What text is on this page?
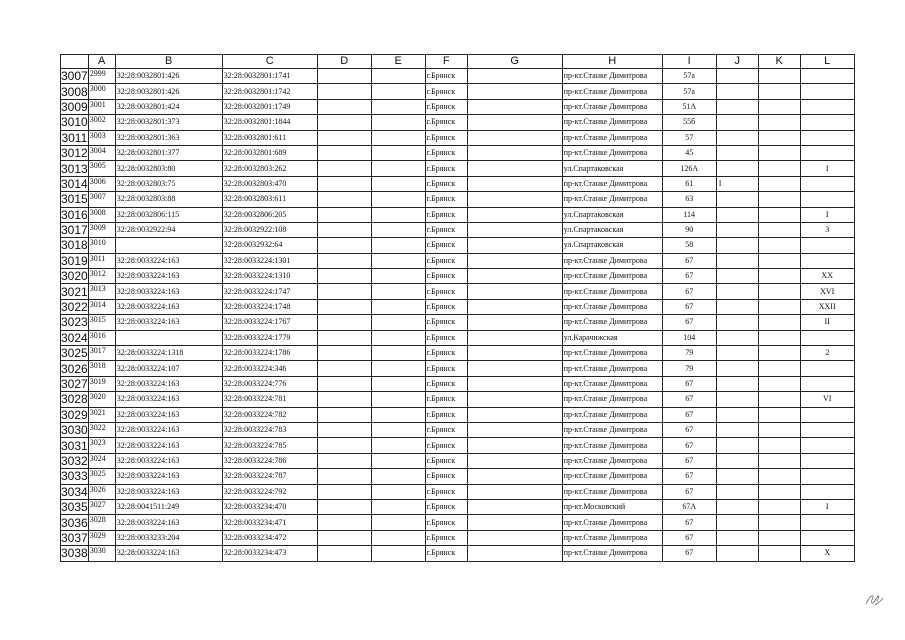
	A	B	C	D	E	F	G	H	I	J	K	L
3007	2999	32:28:0032801:426	32:28:0032801:1741			г.Брянск		пр-кт.Станке Димитрова	57а			
3008	3000	32:28:0032801:426	32:28:0032801:1742			г.Брянск		пр-кт.Станке Димитрова	57а			
3009	3001	32:28:0032801:424	32:28:0032801:1749			г.Брянск		пр-кт.Станке Димитрова	51А			
3010	3002	32:28:0032801:373	32:28:0032801:1844			г.Брянск		пр-кт.Станке Димитрова	55б			
3011	3003	32:28:0032801:363	32:28:0032801:611			г.Брянск		пр-кт.Станке Димитрова	57			
3012	3004	32:28:0032801:377	32:28:0032801:689			г.Брянск		пр-кт.Станке Димитрова	45			
3013	3005	32:28:0032803:80	32:28:0032803:262			г.Брянск		ул.Спартаковская	126А			I
3014	3006	32:28:0032803:75	32:28:0032803:470			г.Брянск		пр-кт.Станке Димитрова	61	I		
3015	3007	32:28:0032803:88	32:28:0032803:611			г.Брянск		пр-кт.Станке Димитрова	63			
3016	3008	32:28:0032806:115	32:28:0032806:205			г.Брянск		ул.Спартаковская	114			I
3017	3009	32:28:0032922:94	32:28:0032922:108			г.Брянск		ул.Спартаковская	90			3
3018	3010		32:28:0032932:64			г.Брянск		ул.Спартаковская	58			
3019	3011	32:28:0033224:163	32:28:0033224:1301			г.Брянск		пр-кт.Станке Димитрова	67			
3020	3012	32:28:0033224:163	32:28:0033224:1310			г.Брянск		пр-кт.Станке Димитрова	67			XX
3021	3013	32:28:0033224:163	32:28:0033224:1747			г.Брянск		пр-кт.Станке Димитрова	67			XVI
3022	3014	32:28:0033224:163	32:28:0033224:1748			г.Брянск		пр-кт.Станке Димитрова	67			XXII
3023	3015	32:28:0033224:163	32:28:0033224:1767			г.Брянск		пр-кт.Станке Димитрова	67			II
3024	3016		32:28:0033224:1779			г.Брянск		ул.Карачижская	104			
3025	3017	32:28:0033224:1318	32:28:0033224:1786			г.Брянск		пр-кт.Станке Димитрова	79			2
3026	3018	32:28:0033224:107	32:28:0033224:346			г.Брянск		пр-кт.Станке Димитрова	79			
3027	3019	32:28:0033224:163	32:28:0033224:776			г.Брянск		пр-кт.Станке Димитрова	67			
3028	3020	32:28:0033224:163	32:28:0033224:781			г.Брянск		пр-кт.Станке Димитрова	67			VI
3029	3021	32:28:0033224:163	32:28:0033224:782			г.Брянск		пр-кт.Станке Димитрова	67			
3030	3022	32:28:0033224:163	32:28:0033224:783			г.Брянск		пр-кт.Станке Димитрова	67			
3031	3023	32:28:0033224:163	32:28:0033224:785			г.Брянск		пр-кт.Станке Димитрова	67			
3032	3024	32:28:0033224:163	32:28:0033224:786			г.Брянск		пр-кт.Станке Димитрова	67			
3033	3025	32:28:0033224:163	32:28:0033224:787			г.Брянск		пр-кт.Станке Димитрова	67			
3034	3026	32:28:0033224:163	32:28:0033224:792			г.Брянск		пр-кт.Станке Димитрова	67			
3035	3027	32:28:0041511:249	32:28:0033234:470			г.Брянск		пр-кт.Московский	67А			I
3036	3028	32:28:0033224:163	32:28:0033234:471			г.Брянск		пр-кт.Станке Димитрова	67			
3037	3029	32:28:0033233:204	32:28:0033234:472			г.Брянск		пр-кт.Станке Димитрова	67			
3038	3030	32:28:0033224:163	32:28:0033234:473			г.Брянск		пр-кт.Станке Димитрова	67			X
